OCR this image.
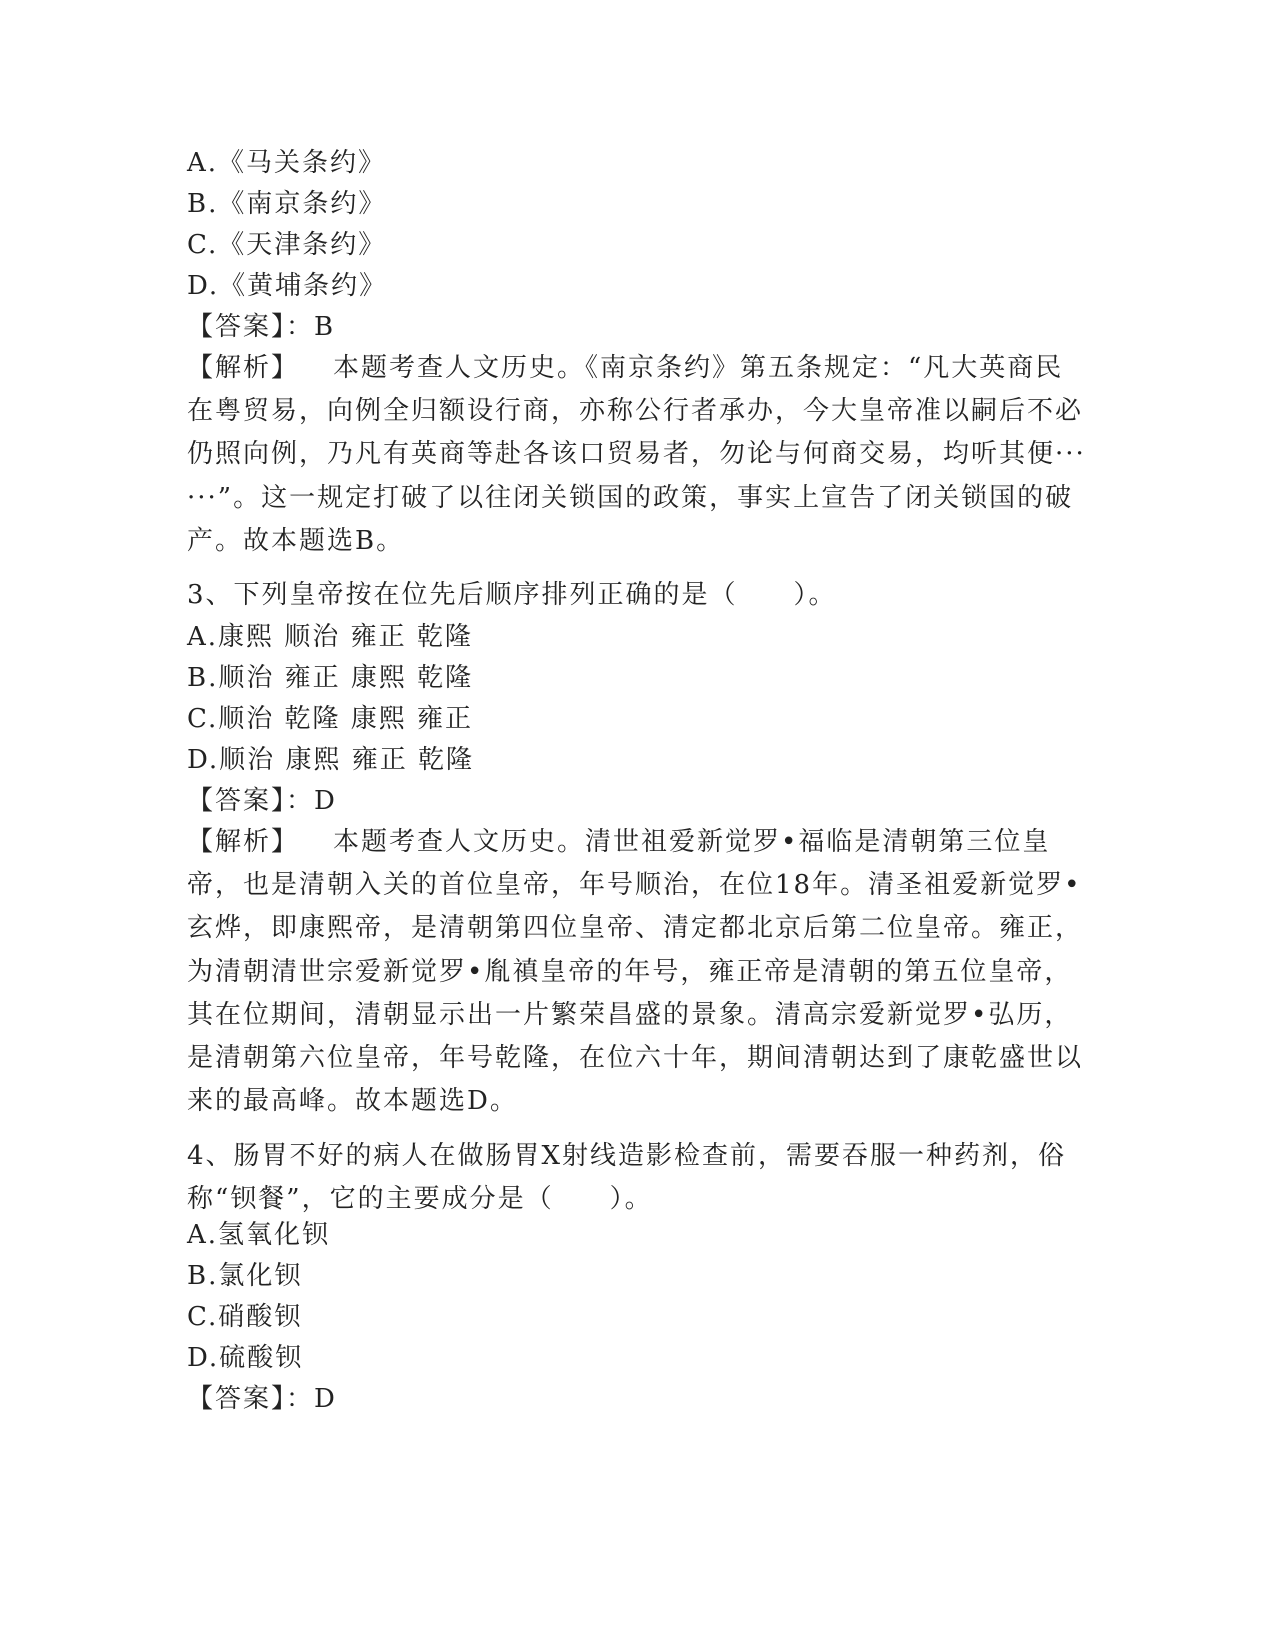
A.《马关条约》
B.《南京条约》
C.《天津条约》
D.《黄埔条约》
【答案】：B
【解析】 本题考查人文历史。《南京条约》第五条规定：“凡大英商民在粤贸易，向例全归额设行商，亦称公行者承办，今大皇帝准以嗣后不必仍照向例，乃凡有英商等赴各该口贸易者，勿论与何商交易，均听其便······”。这一规定打破了以往闭关锁国的政策，事实上宣告了闭关锁国的破产。故本题选B。
3、下列皇帝按在位先后顺序排列正确的是（　　）。
A.康熙 顺治 雍正 乾隆
B.顺治 雍正 康熙 乾隆
C.顺治 乾隆 康熙 雍正
D.顺治 康熙 雍正 乾隆
【答案】：D
【解析】 本题考查人文历史。清世祖爱新觉罗•福临是清朝第三位皇帝，也是清朝入关的首位皇帝，年号顺治，在位18年。清圣祖爱新觉罗•玄烨，即康熙帝，是清朝第四位皇帝、清定都北京后第二位皇帝。雍正，为清朝清世宗爱新觉罗•胤禛皇帝的年号，雍正帝是清朝的第五位皇帝，其在位期间，清朝显示出一片繁荣昌盛的景象。清高宗爱新觉罗•弘历，是清朝第六位皇帝，年号乾隆，在位六十年，期间清朝达到了康乾盛世以来的最高峰。故本题选D。
4、肠胃不好的病人在做肠胃X射线造影检查前，需要吞服一种药剂，俗称“钡餐”，它的主要成分是（　　）。
A.氢氧化钡
B.氯化钡
C.硝酸钡
D.硫酸钡
【答案】：D
